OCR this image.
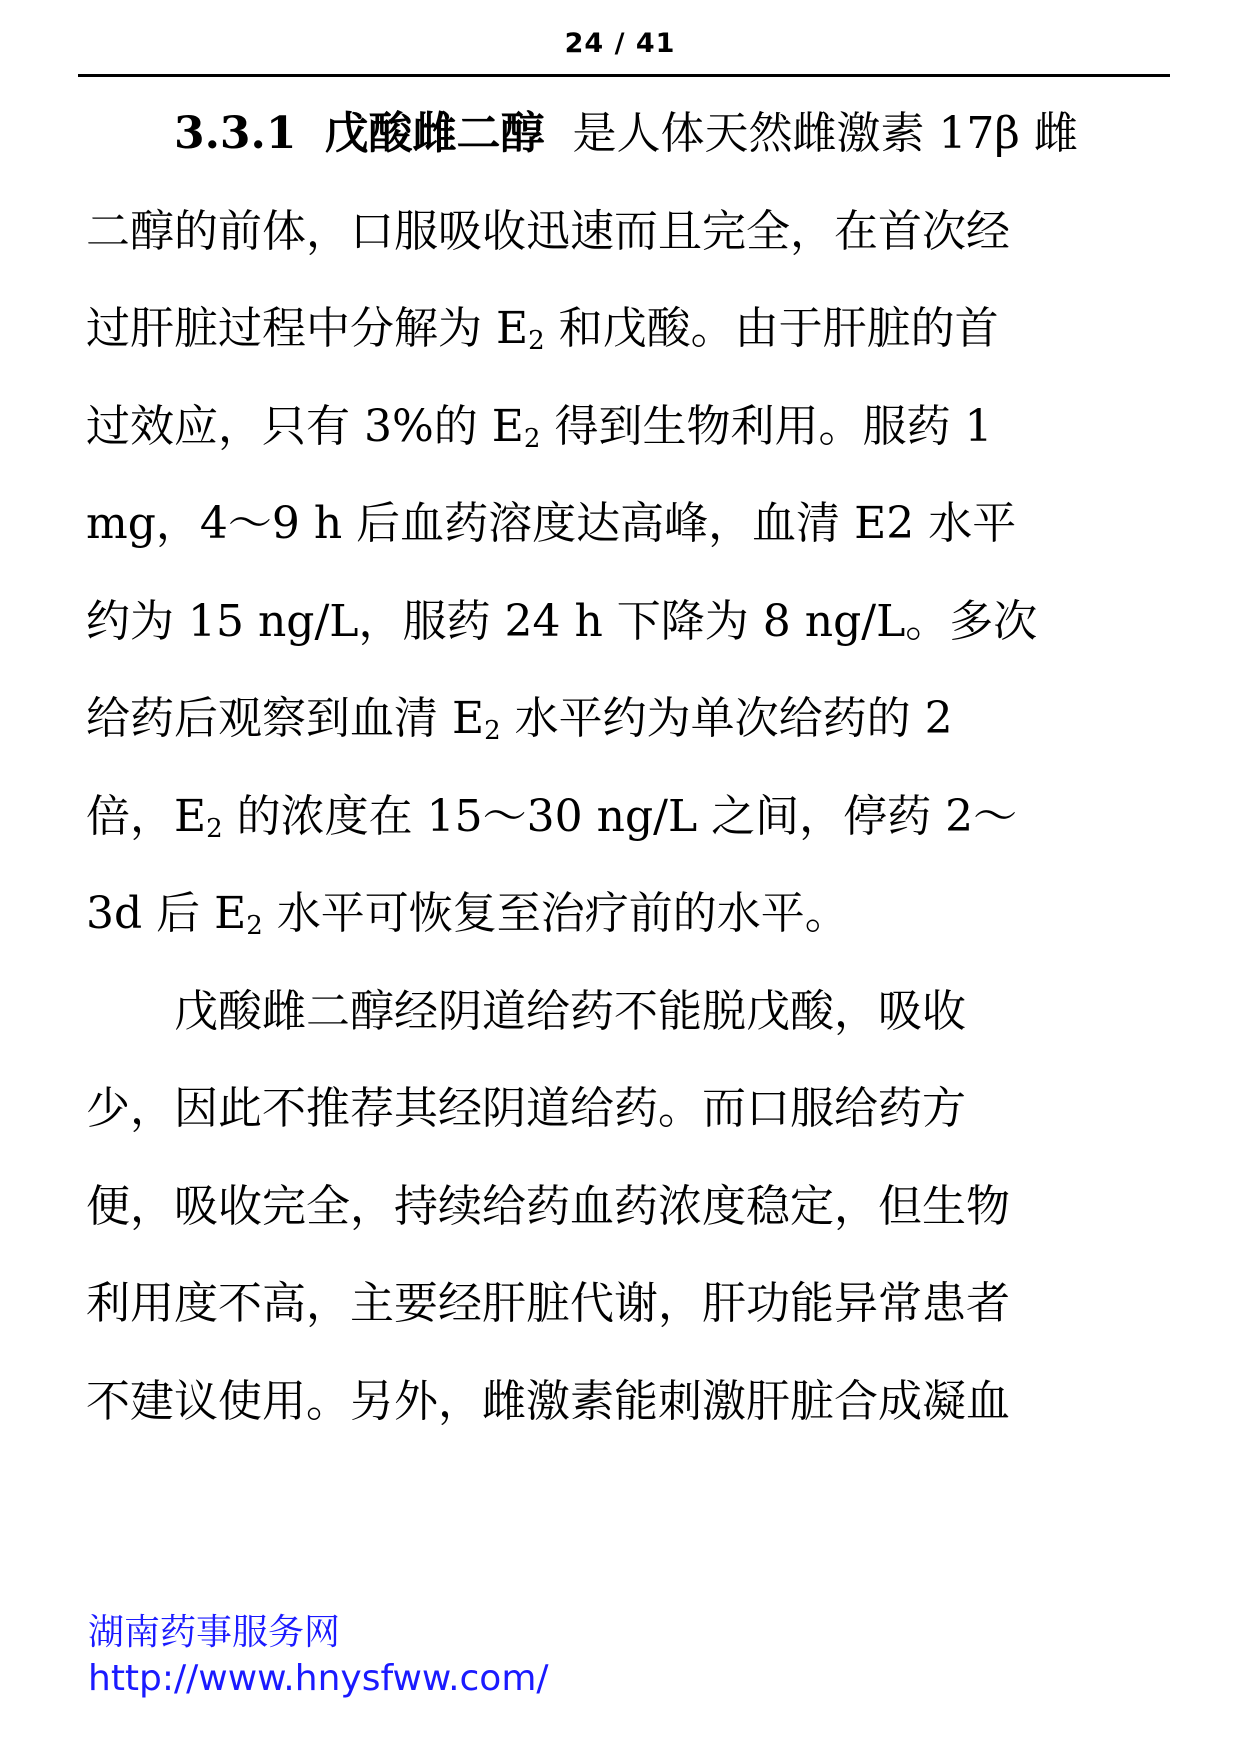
24 / 41
3.3.1 戊酸雌二醇 是人体天然雌激素 17β 雌
二醇的前体，口服吸收迅速而且完全，在首次经
过肝脏过程中分解为 $E_2$ 和戊酸。由于肝脏的首
过效应，只有 3%的 $E_2$ 得到生物利用。服药 1
mg，4～9 h 后血药溶度达高峰，血清 E2 水平
约为 15 ng/L，服药 24 h 下降为 8 ng/L。多次
给药后观察到血清 $E_2$ 水平约为单次给药的 2
倍，$E_2$ 的浓度在 15～30 ng/L 之间，停药 2～
3d 后 $E_2$ 水平可恢复至治疗前的水平。
戊酸雌二醇经阴道给药不能脱戊酸，吸收
少，因此不推荐其经阴道给药。而口服给药方
便，吸收完全，持续给药血药浓度稳定，但生物
利用度不高，主要经肝脏代谢，肝功能异常患者
不建议使用。另外，雌激素能刺激肝脏合成凝血
湖南药事服务网
http://www.hnysfww.com/
